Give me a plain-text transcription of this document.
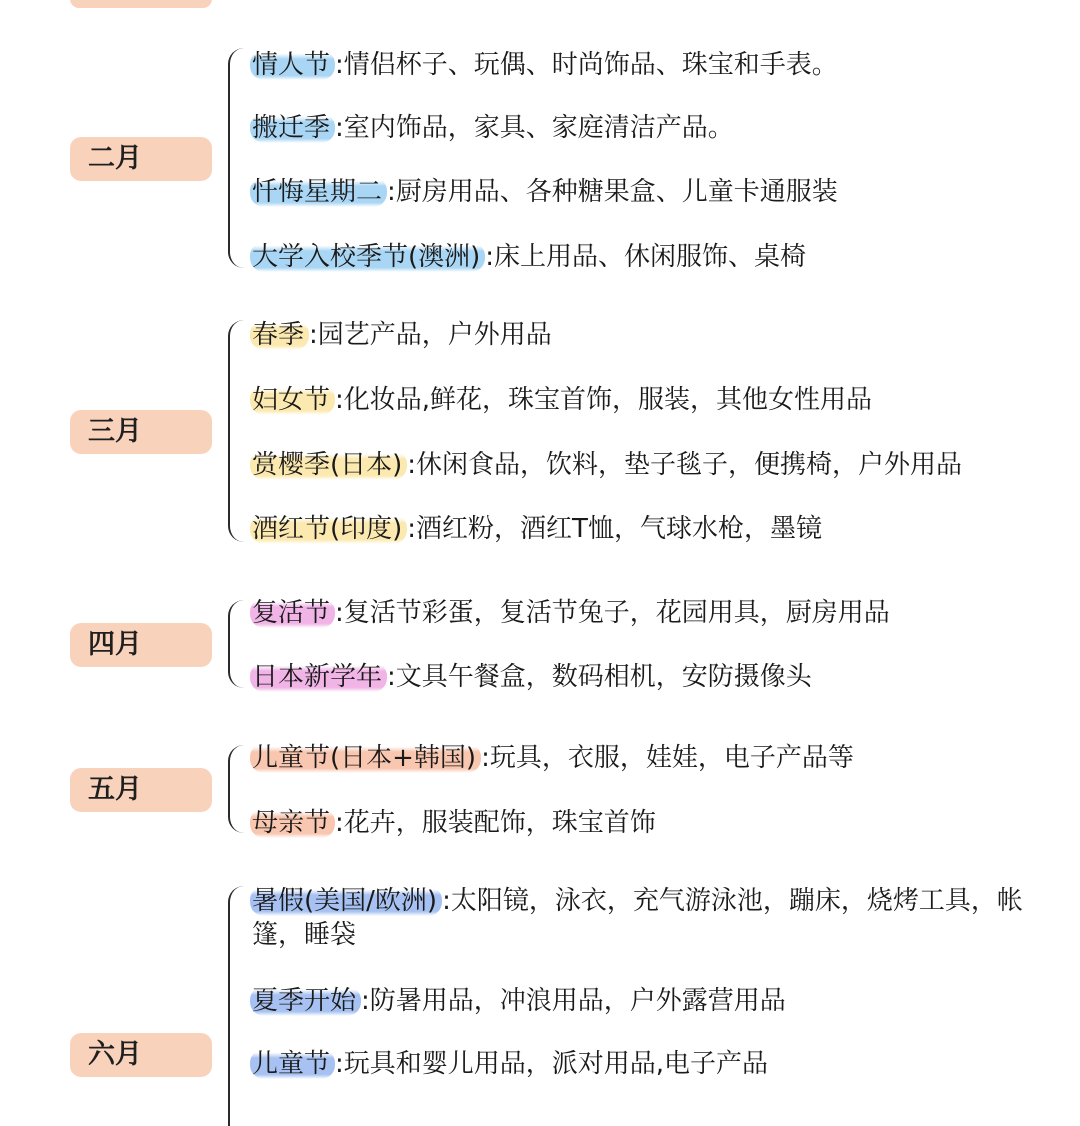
二月
情人节 :情侣杯子、玩偶、时尚饰品、珠宝和手表。
搬迁季 :室内饰品，家具、家庭清洁产品。
忏悔星期二 :厨房用品、各种糖果盒、儿童卡通服装
大学入校季节(澳洲) :床上用品、休闲服饰、桌椅
三月
春季 :园艺产品，户外用品
妇女节 :化妆品,鲜花，珠宝首饰，服装，其他女性用品
赏樱季(日本) :休闲食品，饮料，垫子毯子，便携椅，户外用品
酒红节(印度) :酒红粉，酒红T恤，气球水枪，墨镜
四月
复活节 :复活节彩蛋，复活节兔子，花园用具，厨房用品
日本新学年 :文具午餐盒，数码相机，安防摄像头
五月
儿童节(日本+韩国) :玩具，衣服，娃娃，电子产品等
母亲节 :花卉，服装配饰，珠宝首饰
六月
暑假(美国/欧洲) :太阳镜，泳衣，充气游泳池，蹦床，烧烤工具，帐篷，睡袋
夏季开始 :防暑用品，冲浪用品，户外露营用品
儿童节 :玩具和婴儿用品，派对用品,电子产品
